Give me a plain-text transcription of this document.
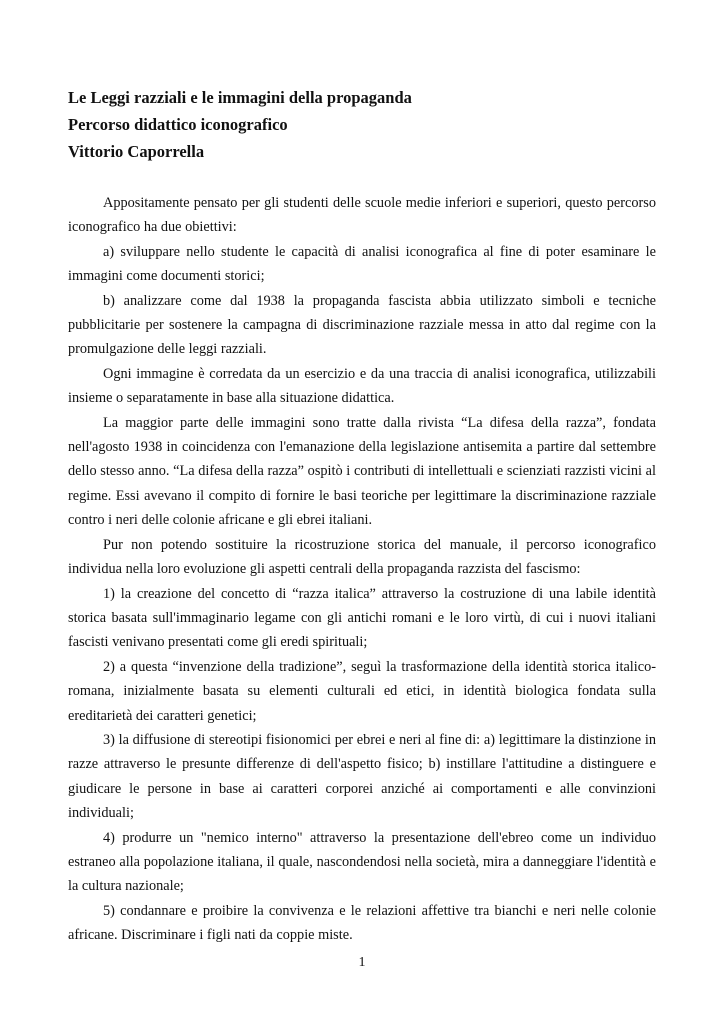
Le Leggi razziali e le immagini della propaganda

Percorso didattico iconografico

Vittorio Caporrella

Appositamente pensato per gli studenti delle scuole medie inferiori e superiori, questo percorso iconografico ha due obiettivi:

a) sviluppare nello studente le capacità di analisi iconografica al fine di poter esaminare le immagini come documenti storici;

b) analizzare come dal 1938 la propaganda fascista abbia utilizzato simboli e tecniche pubblicitarie per sostenere la campagna di discriminazione razziale messa in atto dal regime con la promulgazione delle leggi razziali.

Ogni immagine è corredata da un esercizio e da una traccia di analisi iconografica, utilizzabili insieme o separatamente in base alla situazione didattica.

La maggior parte delle immagini sono tratte dalla rivista “La difesa della razza”, fondata nell'agosto 1938 in coincidenza con l'emanazione della legislazione antisemita a partire dal settembre dello stesso anno. “La difesa della razza” ospitò i contributi di intellettuali e scienziati razzisti vicini al regime. Essi avevano il compito di fornire le basi teoriche per legittimare la discriminazione razziale contro i neri delle colonie africane e gli ebrei italiani.

Pur non potendo sostituire la ricostruzione storica del manuale, il percorso iconografico individua nella loro evoluzione gli aspetti centrali della propaganda razzista del fascismo:

1) la creazione del concetto di “razza italica” attraverso la costruzione di una labile identità storica basata sull'immaginario legame con gli antichi romani e le loro virtù, di cui i nuovi italiani fascisti venivano presentati come gli eredi spirituali;

2) a questa “invenzione della tradizione”, seguì la trasformazione della identità storica italico-romana, inizialmente basata su elementi culturali ed etici, in identità biologica fondata sulla ereditarietà dei caratteri genetici;

3) la diffusione di stereotipi fisionomici per ebrei e neri al fine di: a) legittimare la distinzione in razze attraverso le presunte differenze di dell'aspetto fisico; b) instillare l'attitudine a distinguere e giudicare le persone in base ai caratteri corporei anziché ai comportamenti e alle convinzioni individuali;

4) produrre un "nemico interno" attraverso la presentazione dell'ebreo come un individuo estraneo alla popolazione italiana, il quale, nascondendosi nella società, mira a danneggiare l'identità e la cultura nazionale;

5) condannare e proibire la convivenza e le relazioni affettive tra bianchi e neri nelle colonie africane. Discriminare i figli nati da coppie miste.

1
